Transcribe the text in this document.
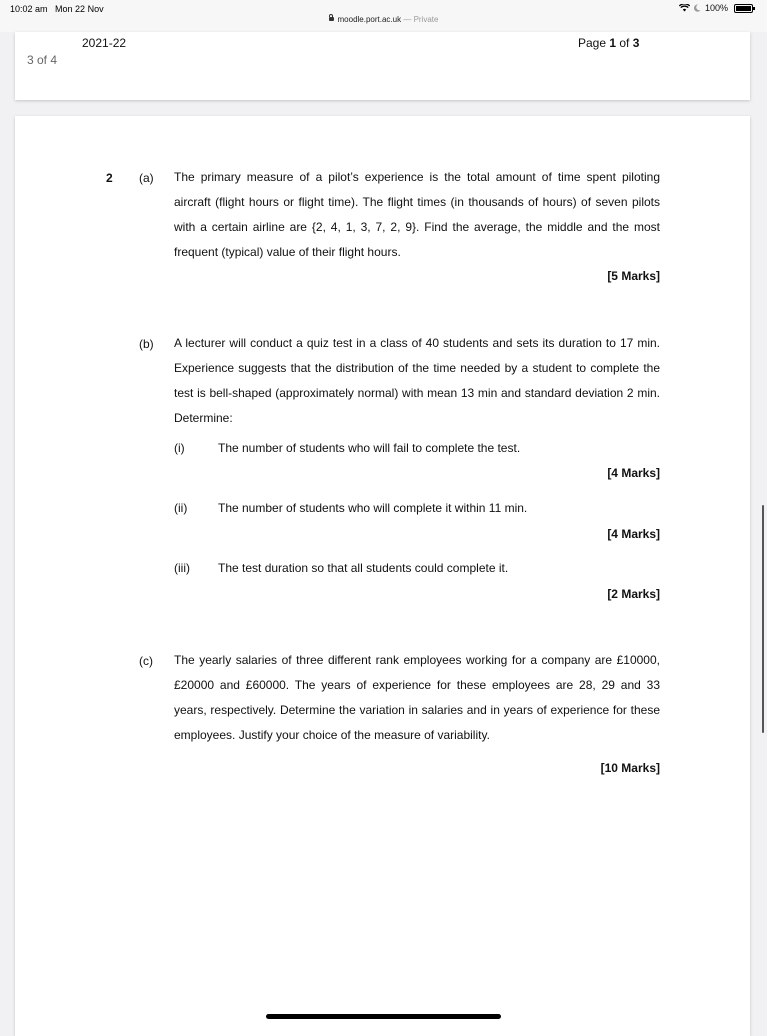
10:02 am Mon 22 Nov	100%
moodle.port.ac.uk — Private
2021-22	Page 1 of 3
3 of 4
2 (a) The primary measure of a pilot’s experience is the total amount of time spent piloting aircraft (flight hours or flight time). The flight times (in thousands of hours) of seven pilots with a certain airline are {2, 4, 1, 3, 7, 2, 9}. Find the average, the middle and the most frequent (typical) value of their flight hours.
[5 Marks]
(b) A lecturer will conduct a quiz test in a class of 40 students and sets its duration to 17 min. Experience suggests that the distribution of the time needed by a student to complete the test is bell-shaped (approximately normal) with mean 13 min and standard deviation 2 min. Determine:
(i)	The number of students who will fail to complete the test.
[4 Marks]
(ii)	The number of students who will complete it within 11 min.
[4 Marks]
(iii) The test duration so that all students could complete it.
[2 Marks]
(c) The yearly salaries of three different rank employees working for a company are £10000, £20000 and £60000. The years of experience for these employees are 28, 29 and 33 years, respectively. Determine the variation in salaries and in years of experience for these employees. Justify your choice of the measure of variability.
[10 Marks]
